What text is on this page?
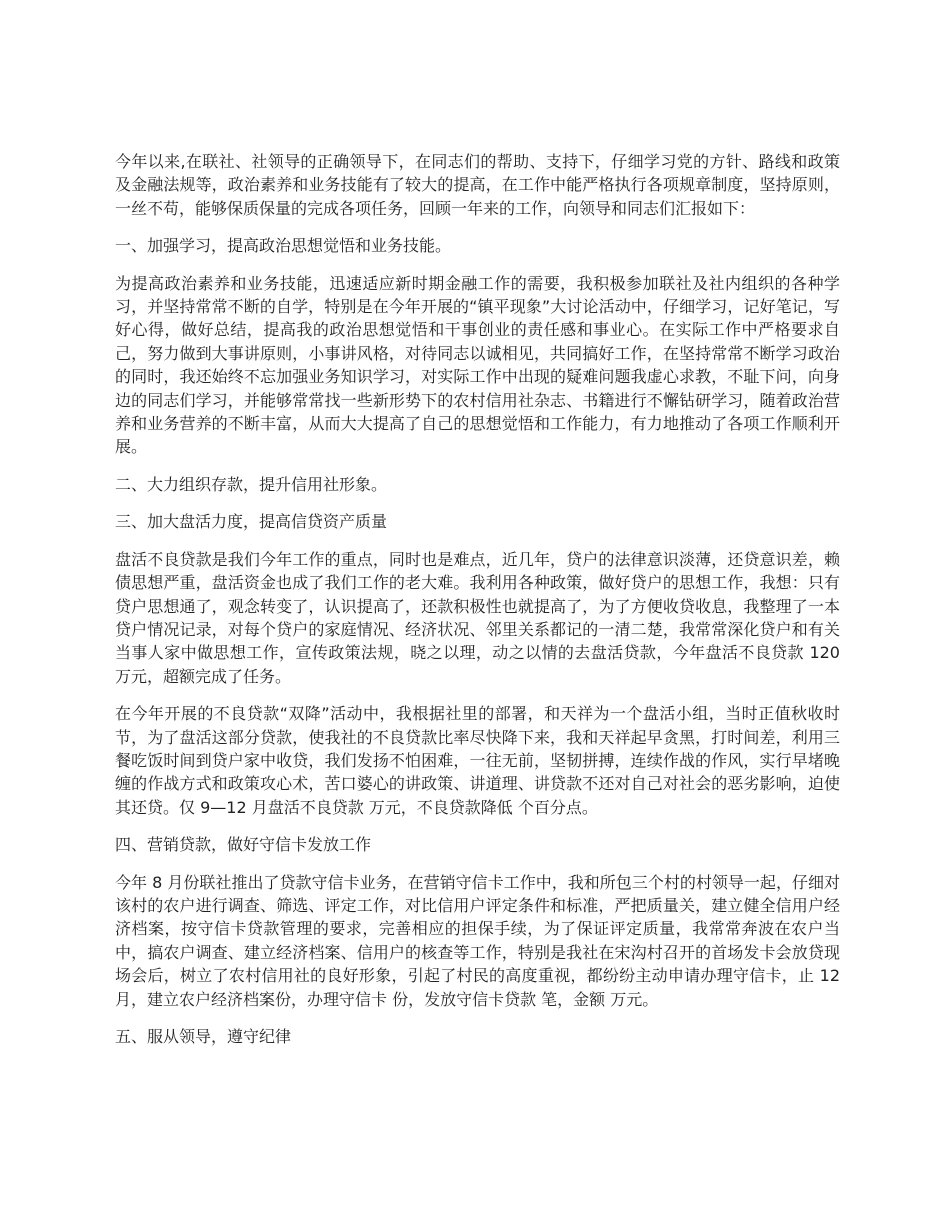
今年以来,在联社、社领导的正确领导下，在同志们的帮助、支持下，仔细学习党的方针、路线和政策及金融法规等，政治素养和业务技能有了较大的提高，在工作中能严格执行各项规章制度，坚持原则，一丝不苟，能够保质保量的完成各项任务，回顾一年来的工作，向领导和同志们汇报如下：

一、加强学习，提高政治思想觉悟和业务技能。

为提高政治素养和业务技能，迅速适应新时期金融工作的需要，我积极参加联社及社内组织的各种学习，并坚持常常不断的自学，特别是在今年开展的“镇平现象”大讨论活动中，仔细学习，记好笔记，写好心得，做好总结，提高我的政治思想觉悟和干事创业的责任感和事业心。在实际工作中严格要求自己，努力做到大事讲原则，小事讲风格，对待同志以诚相见，共同搞好工作，在坚持常常不断学习政治的同时，我还始终不忘加强业务知识学习，对实际工作中出现的疑难问题我虚心求教，不耻下问，向身边的同志们学习，并能够常常找一些新形势下的农村信用社杂志、书籍进行不懈钻研学习，随着政治营养和业务营养的不断丰富，从而大大提高了自己的思想觉悟和工作能力，有力地推动了各项工作顺利开展。

二、大力组织存款，提升信用社形象。

三、加大盘活力度，提高信贷资产质量

盘活不良贷款是我们今年工作的重点，同时也是难点，近几年，贷户的法律意识淡薄，还贷意识差，赖债思想严重，盘活资金也成了我们工作的老大难。我利用各种政策，做好贷户的思想工作，我想：只有贷户思想通了，观念转变了，认识提高了，还款积极性也就提高了，为了方便收贷收息，我整理了一本贷户情况记录，对每个贷户的家庭情况、经济状况、邻里关系都记的一清二楚，我常常深化贷户和有关当事人家中做思想工作，宣传政策法规，晓之以理，动之以情的去盘活贷款，今年盘活不良贷款 120 万元，超额完成了任务。

在今年开展的不良贷款“双降”活动中，我根据社里的部署，和天祥为一个盘活小组，当时正值秋收时节，为了盘活这部分贷款，使我社的不良贷款比率尽快降下来，我和天祥起早贪黑，打时间差，利用三餐吃饭时间到贷户家中收贷，我们发扬不怕困难，一往无前，坚韧拼搏，连续作战的作风，实行早堵晚缠的作战方式和政策攻心术，苦口婆心的讲政策、讲道理、讲贷款不还对自己对社会的恶劣影响，迫使其还贷。仅 9—12 月盘活不良贷款 万元，不良贷款降低 个百分点。

四、营销贷款，做好守信卡发放工作

今年 8 月份联社推出了贷款守信卡业务，在营销守信卡工作中，我和所包三个村的村领导一起，仔细对该村的农户进行调查、筛选、评定工作，对比信用户评定条件和标准，严把质量关，建立健全信用户经济档案，按守信卡贷款管理的要求，完善相应的担保手续，为了保证评定质量，我常常奔波在农户当中，搞农户调查、建立经济档案、信用户的核查等工作，特别是我社在宋沟村召开的首场发卡会放贷现场会后，树立了农村信用社的良好形象，引起了村民的高度重视，都纷纷主动申请办理守信卡，止 12 月，建立农户经济档案份，办理守信卡 份，发放守信卡贷款 笔，金额 万元。

五、服从领导，遵守纪律
